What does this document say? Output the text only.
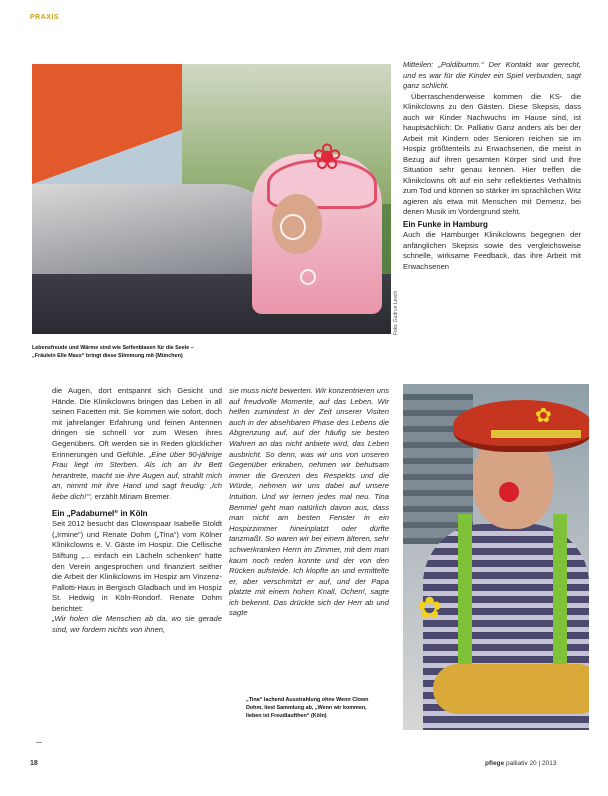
PRAXIS
❀
Foto: Gudrun Lesch
Lebensfreude und Wärme sind wie Seifenblasen für die Seele –
„Fräulein Elle Mass“ bringt diese Stimmung mit (München)

Mitteilen: „Poldibumm.“ Der Kontakt war gerecht, und es war für die Kinder ein Spiel verbunden, sagt ganz schlicht.

Überraschenderweise kommen die KS- die Klinikclowns zu den Gästen. Diese Skepsis, dass auch wir Kinder Nachwuchs im Hause sind, ist hauptsächlich: Dr. Palliativ Ganz anders als bei der Arbeit mit Kindern oder Senioren reichen sie im Hospiz größtenteils zu Erwachsenen, die meist in Bezug auf ihren gesamten Körper sind und ihre Situation sehr genau kennen. Hier treffen die Klinikclowns oft auf ein sehr reflektiertes Verhältnis zum Tod und können so stärker im sprachlichen Witz agieren als etwa mit Menschen mit Demenz, bei denen Musik im Vordergrund steht.

Ein Funke in Hamburg

Auch die Hamburger Klinikclowns begegnen der anfänglichen Skepsis sowie des vergleichsweise schnelle, wirksame Feedback, das ihre Arbeit mit Erwachsenen

die Augen, dort entspannt sich Gesicht und Hände. Die Klinikclowns bringen das Leben in all seinen Facetten mit. Sie kommen wie sofort, doch mit jahrelanger Erfahrung und feinen Antennen dringen sie schnell vor zum Wesen ihres Gegenübers. Oft werden sie in Reden glücklicher Erinnerungen und Gefühle. „Eine über 90-jährige Frau liegt im Sterben. Als ich an ihr Bett herantrete, macht sie ihre Augen auf, strahlt mich an, nimmt mir ihre Hand und sagt freudig: ‚Ich liebe dich!‘“, erzählt Miriam Bremer.

Ein „Padaburnel“ in Köln

Seit 2012 besucht das Clownspaar Isabelle Stoldt („Irmine“) und Renate Dohm („Tina“) vom Kölner Klinikclowns e. V. Gäste im Hospiz. Die Cellische Stiftung „... einfach ein Lächeln schenken“ hatte den Verein angesprochen und finanziert seither die Arbeit der Klinikclowns im Hospiz am Vinzenz-Pallotti-Haus in Bergisch Gladbach und im Hospiz St. Hedwig in Köln-Rondorf. Renate Dohm berichtet:

„Wir holen die Menschen ab da, wo sie gerade sind, wir fordern nichts von ihnen,

sie muss nicht bewerten. Wir konzentrieren uns auf freudvolle Momente, auf das Leben. Wir helfen zumindest in der Zeit unserer Visiten auch in der absehbaren Phase des Lebens die Abgrenzung auf, auf der häufig sie besten Wahren an das nicht anbiete wird, das Leben ausbricht. So denn, was wir uns von unseren Gegenüber erkraben, nehmen wir behutsam immer die Grenzen des Respekts und die Würde, nehmen wir uns dabei auf unsere Intuition. Und wir lernen jedes mal neu. Tina Bemmel geht man natürlich davon aus, dass man nicht am besten Fenster in ein Hospizzimmer hineinplatzt oder dürfte tanzmaßt. So waren wir bei einem älteren, sehr schwerkranken Herrn im Zimmer, mit dem man kaum noch reden konnte und der von den Rücken aufsteide. Ich klopfte an und ermittelte er, aber verschmitzt er auf, und der Papa platzte mit einem hohen Knall, Ochen!, sagte ich bekennt. Das drückte sich der Herr ab und sagte

✿
✿
„Tina“ lachend Ausstrahlung ohne Wenn Clown
Dohm, liest Sammlung ab, „Wenn wir kommen,
lieben ist Freudlaufthen“ (Köln)
18	pflege palliativ 20 | 2013
